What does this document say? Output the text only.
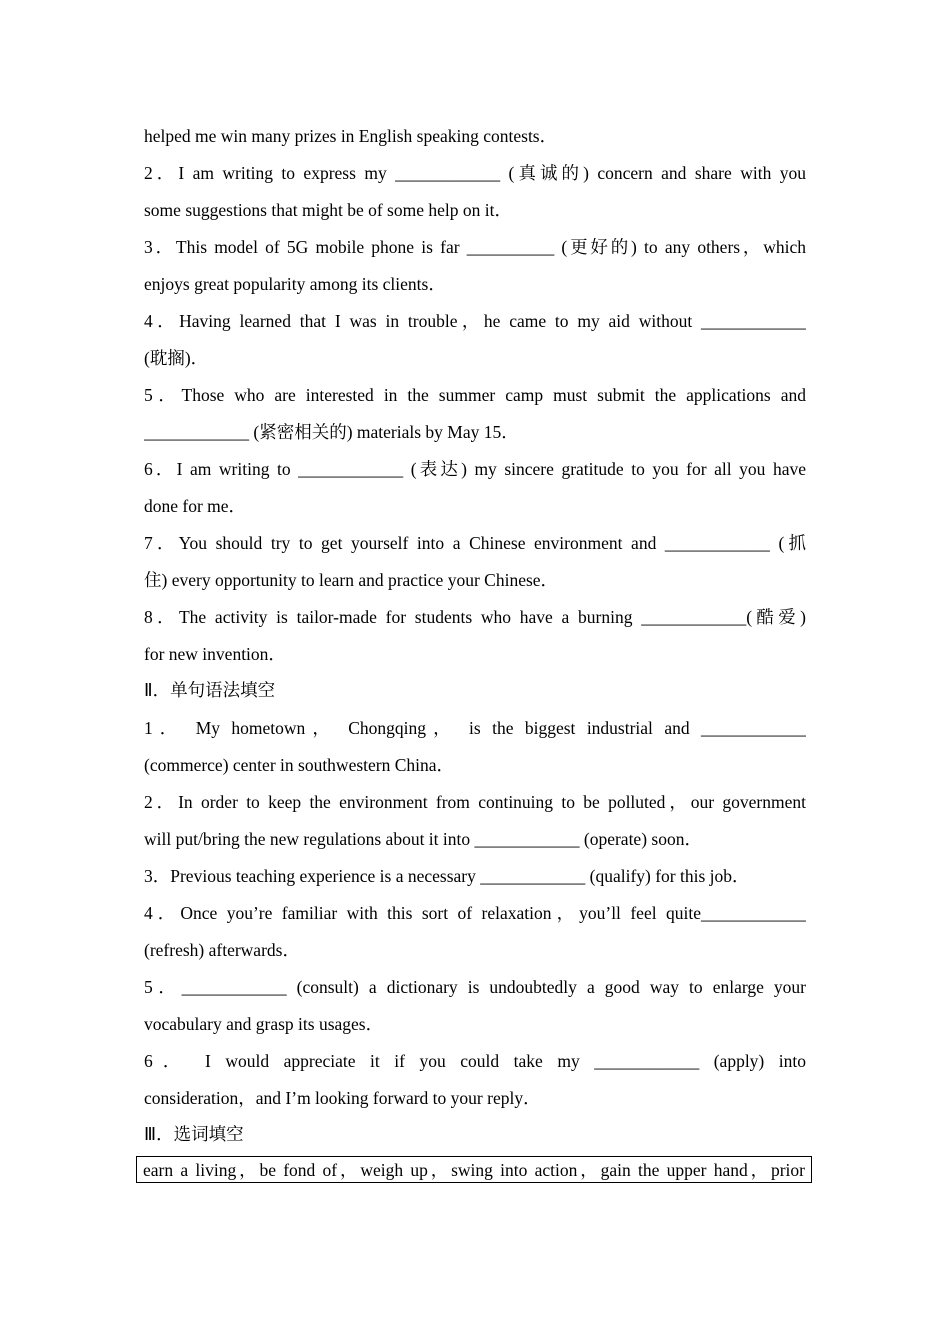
helped me win many prizes in English speaking contests．
2．I am writing to express my ____________ (真诚的) concern and share with you
some suggestions that might be of some help on it．
3．This model of 5G mobile phone is far __________ (更好的) to any others，which
enjoys great popularity among its clients．
4．Having learned that I was in trouble，he came to my aid without ____________
(耽搁)．
5．Those who are interested in the summer camp must submit the applications and
____________ (紧密相关的) materials by May 15．
6．I am writing to ____________ (表达) my sincere gratitude to you for all you have
done for me．
7．You should try to get yourself into a Chinese environment and ____________ (抓
住) every opportunity to learn and practice your Chinese．
8．The activity is tailor-made for students who have a burning ____________(酷爱)
for new invention．
Ⅱ．单句语法填空
1． My hometown， Chongqing， is the biggest industrial and ____________
(commerce) center in southwestern China．
2．In order to keep the environment from continuing to be polluted，our government
will put/bring the new regulations about it into ____________ (operate) soon．
3．Previous teaching experience is a necessary ____________ (qualify) for this job．
4．Once you’re familiar with this sort of relaxation，you’ll feel quite____________
(refresh) afterwards．
5．____________ (consult) a dictionary is undoubtedly a good way to enlarge your
vocabulary and grasp its usages．
6． I would appreciate it if you could take my ____________ (apply) into
consideration，and I’m looking forward to your reply．
Ⅲ．选词填空
earn a living，be fond of，weigh up，swing into action，gain the upper hand，prior
